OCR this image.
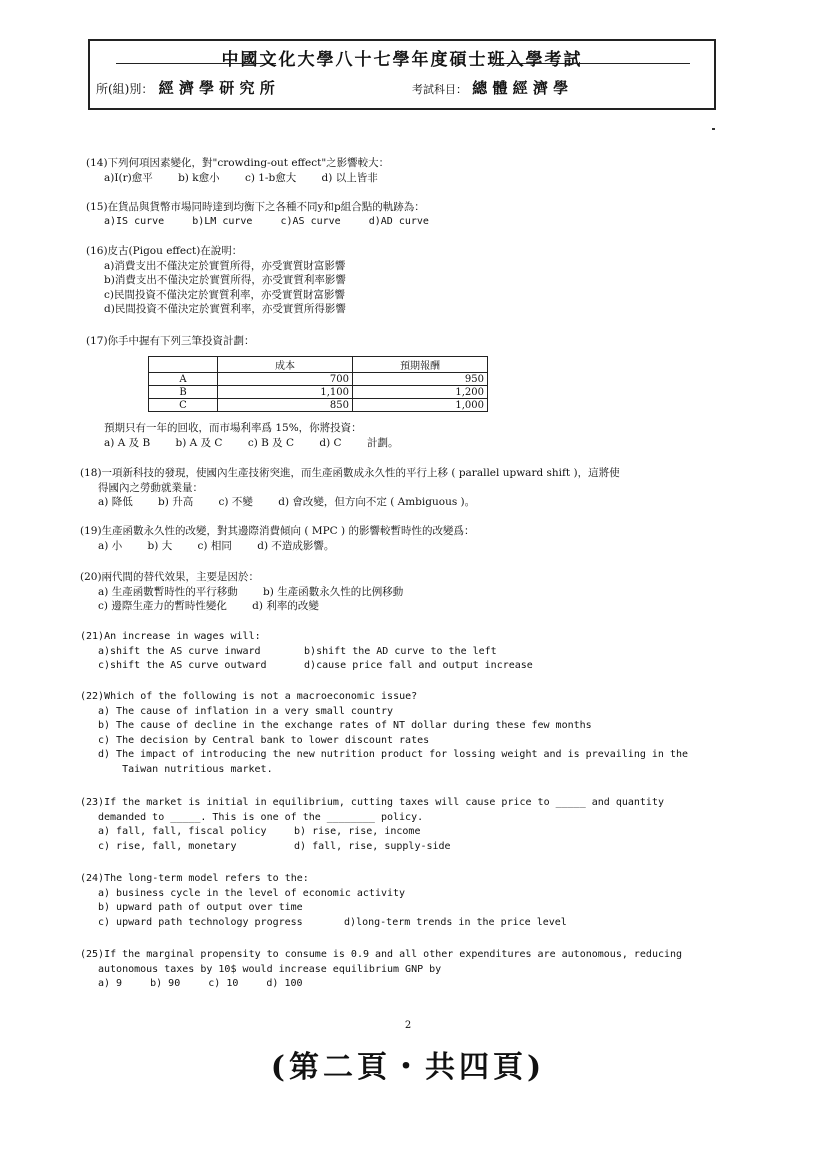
中國文化大學八十七學年度碩士班入學考試
所(組)別： 經 濟 學 研 究 所	考試科目： 總 體 經 濟 學
(14)下列何項因素變化，對"crowding-out effect"之影響較大：
a)I(r)愈平 b) k愈小 c) 1-b愈大 d) 以上皆非
(15)在貨品與貨幣市場同時達到均衡下之各種不同y和p組合點的軌跡為：
a)IS curve	b)LM curve	c)AS curve	d)AD curve
(16)皮古(Pigou effect)在說明：
a)消費支出不僅決定於實質所得，亦受實質財富影響
b)消費支出不僅決定於實質所得，亦受實質利率影響
c)民間投資不僅決定於實質利率，亦受實質財富影響
d)民間投資不僅決定於實質利率，亦受實質所得影響
(17)你手中握有下列三筆投資計劃：
	成本	預期報酬
A	700	950
B	1,100	1,200
C	850	1,000
預期只有一年的回收，而市場利率爲 15%，你將投資：
a) A 及 B b) A 及 C c) B 及 C d) C 計劃。
(18)一項新科技的發現，使國內生產技術突進，而生產函數成永久性的平行上移 ( parallel upward shift )，這將使
得國內之勞動就業量：
a) 降低 b) 升高 c) 不變 d) 會改變，但方向不定 ( Ambiguous )。
(19)生產函數永久性的改變，對其邊際消費傾向 ( MPC ) 的影響較暫時性的改變爲：
a) 小 b) 大 c) 相同 d) 不造成影響。
(20)兩代間的替代效果，主要是因於：
a) 生產函數暫時性的平行移動 b) 生產函數永久性的比例移動
c) 邊際生產力的暫時性變化 d) 利率的改變
(21)An increase in wages will:
a)shift the AS curve inward	b)shift the AD curve to the left
c)shift the AS curve outward	d)cause price fall and output increase
(22)Which of the following is not a macroeconomic issue?
a) The cause of inflation in a very small country
b) The cause of decline in the exchange rates of NT dollar during these few months
c) The decision by Central bank to lower discount rates
d) The impact of introducing the new nutrition product for lossing weight and is prevailing in the
Taiwan nutritious market.
(23)If the market is initial in equilibrium, cutting taxes will cause price to _____ and quantity
demanded to _____. This is one of the ________ policy.
a) fall, fall, fiscal policy	b) rise, rise, income
c) rise, fall, monetary	d) fall, rise, supply-side
(24)The long-term model refers to the:
a) business cycle in the level of economic activity
b) upward path of output over time
c) upward path technology progress	d)long-term trends in the price level
(25)If the marginal propensity to consume is 0.9 and all other expenditures are autonomous, reducing
autonomous taxes by 10$ would increase equilibrium GNP by
a) 9	b) 90	c) 10	d) 100
2
(第二頁・共四頁)
